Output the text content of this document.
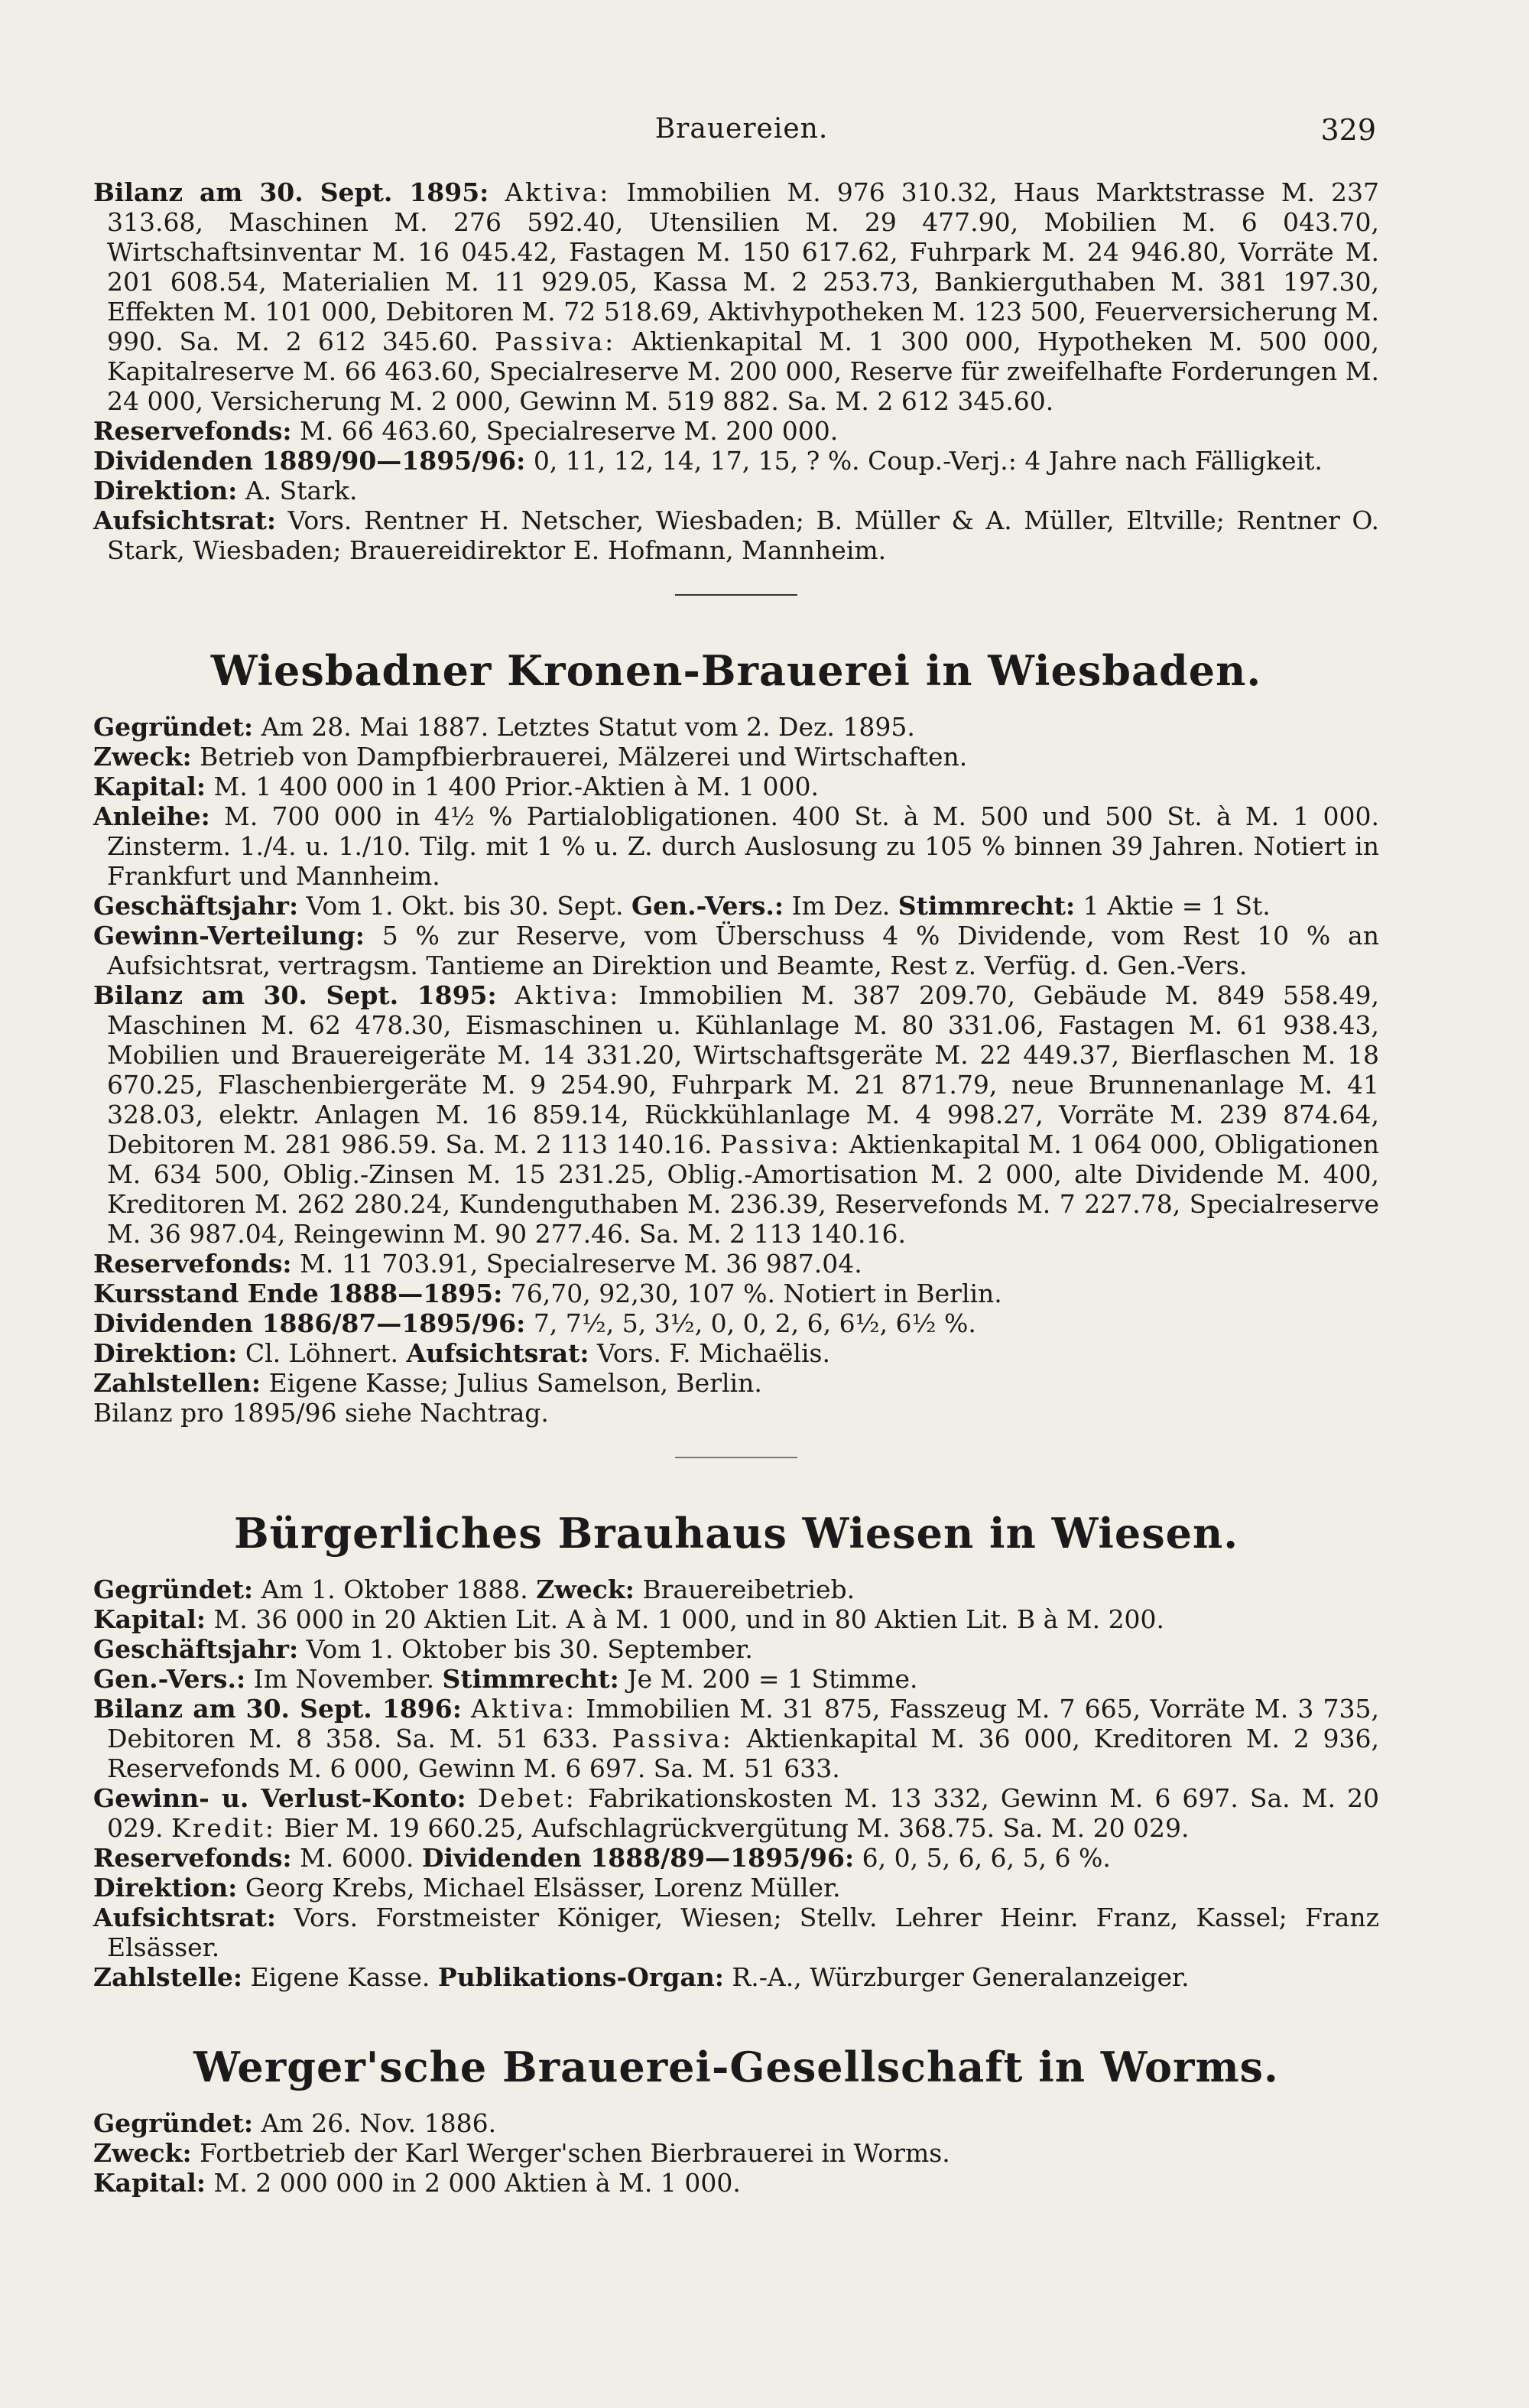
Brauereien.	329

Bilanz am 30. Sept. 1895: Aktiva: Immobilien M. 976 310.32, Haus Marktstrasse M. 237 313.68, Maschinen M. 276 592.40, Utensilien M. 29 477.90, Mobilien M. 6 043.70, Wirtschaftsinventar M. 16 045.42, Fastagen M. 150 617.62, Fuhrpark M. 24 946.80, Vorräte M. 201 608.54, Materialien M. 11 929.05, Kassa M. 2 253.73, Bankierguthaben M. 381 197.30, Effekten M. 101 000, Debitoren M. 72 518.69, Aktivhypotheken M. 123 500, Feuerversicherung M. 990. Sa. M. 2 612 345.60. Passiva: Aktienkapital M. 1 300 000, Hypotheken M. 500 000, Kapitalreserve M. 66 463.60, Specialreserve M. 200 000, Reserve für zweifelhafte Forderungen M. 24 000, Versicherung M. 2 000, Gewinn M. 519 882. Sa. M. 2 612 345.60.

Reservefonds: M. 66 463.60, Specialreserve M. 200 000.

Dividenden 1889/90—1895/96: 0, 11, 12, 14, 17, 15, ? %. Coup.-Verj.: 4 Jahre nach Fälligkeit.

Direktion: A. Stark.

Aufsichtsrat: Vors. Rentner H. Netscher, Wiesbaden; B. Müller & A. Müller, Eltville; Rentner O. Stark, Wiesbaden; Brauereidirektor E. Hofmann, Mannheim.

Wiesbadner Kronen-Brauerei in Wiesbaden.

Gegründet: Am 28. Mai 1887. Letztes Statut vom 2. Dez. 1895.

Zweck: Betrieb von Dampfbierbrauerei, Mälzerei und Wirtschaften.

Kapital: M. 1 400 000 in 1 400 Prior.-Aktien à M. 1 000.

Anleihe: M. 700 000 in 4½ % Partialobligationen. 400 St. à M. 500 und 500 St. à M. 1 000. Zinsterm. 1./4. u. 1./10. Tilg. mit 1 % u. Z. durch Auslosung zu 105 % binnen 39 Jahren. Notiert in Frankfurt und Mannheim.

Geschäftsjahr: Vom 1. Okt. bis 30. Sept. Gen.-Vers.: Im Dez. Stimmrecht: 1 Aktie = 1 St.

Gewinn-Verteilung: 5 % zur Reserve, vom Überschuss 4 % Dividende, vom Rest 10 % an Aufsichtsrat, vertragsm. Tantieme an Direktion und Beamte, Rest z. Verfüg. d. Gen.-Vers.

Bilanz am 30. Sept. 1895: Aktiva: Immobilien M. 387 209.70, Gebäude M. 849 558.49, Maschinen M. 62 478.30, Eismaschinen u. Kühlanlage M. 80 331.06, Fastagen M. 61 938.43, Mobilien und Brauereigeräte M. 14 331.20, Wirtschaftsgeräte M. 22 449.37, Bierflaschen M. 18 670.25, Flaschenbiergeräte M. 9 254.90, Fuhrpark M. 21 871.79, neue Brunnenanlage M. 41 328.03, elektr. Anlagen M. 16 859.14, Rückkühlanlage M. 4 998.27, Vorräte M. 239 874.64, Debitoren M. 281 986.59. Sa. M. 2 113 140.16. Passiva: Aktienkapital M. 1 064 000, Obligationen M. 634 500, Oblig.-Zinsen M. 15 231.25, Oblig.-Amortisation M. 2 000, alte Dividende M. 400, Kreditoren M. 262 280.24, Kundenguthaben M. 236.39, Reservefonds M. 7 227.78, Specialreserve M. 36 987.04, Reingewinn M. 90 277.46. Sa. M. 2 113 140.16.

Reservefonds: M. 11 703.91, Specialreserve M. 36 987.04.

Kursstand Ende 1888—1895: 76,70, 92,30, 107 %. Notiert in Berlin.

Dividenden 1886/87—1895/96: 7, 7½, 5, 3½, 0, 0, 2, 6, 6½, 6½ %.

Direktion: Cl. Löhnert. Aufsichtsrat: Vors. F. Michaëlis.

Zahlstellen: Eigene Kasse; Julius Samelson, Berlin.

Bilanz pro 1895/96 siehe Nachtrag.

Bürgerliches Brauhaus Wiesen in Wiesen.

Gegründet: Am 1. Oktober 1888. Zweck: Brauereibetrieb.

Kapital: M. 36 000 in 20 Aktien Lit. A à M. 1 000, und in 80 Aktien Lit. B à M. 200.

Geschäftsjahr: Vom 1. Oktober bis 30. September.

Gen.-Vers.: Im November. Stimmrecht: Je M. 200 = 1 Stimme.

Bilanz am 30. Sept. 1896: Aktiva: Immobilien M. 31 875, Fasszeug M. 7 665, Vorräte M. 3 735, Debitoren M. 8 358. Sa. M. 51 633. Passiva: Aktienkapital M. 36 000, Kreditoren M. 2 936, Reservefonds M. 6 000, Gewinn M. 6 697. Sa. M. 51 633.

Gewinn- u. Verlust-Konto: Debet: Fabrikationskosten M. 13 332, Gewinn M. 6 697. Sa. M. 20 029. Kredit: Bier M. 19 660.25, Aufschlagrückvergütung M. 368.75. Sa. M. 20 029.

Reservefonds: M. 6000. Dividenden 1888/89—1895/96: 6, 0, 5, 6, 6, 5, 6 %.

Direktion: Georg Krebs, Michael Elsässer, Lorenz Müller.

Aufsichtsrat: Vors. Forstmeister Königer, Wiesen; Stellv. Lehrer Heinr. Franz, Kassel; Franz Elsässer.

Zahlstelle: Eigene Kasse. Publikations-Organ: R.-A., Würzburger Generalanzeiger.

Werger'sche Brauerei-Gesellschaft in Worms.

Gegründet: Am 26. Nov. 1886.

Zweck: Fortbetrieb der Karl Werger'schen Bierbrauerei in Worms.

Kapital: M. 2 000 000 in 2 000 Aktien à M. 1 000.
